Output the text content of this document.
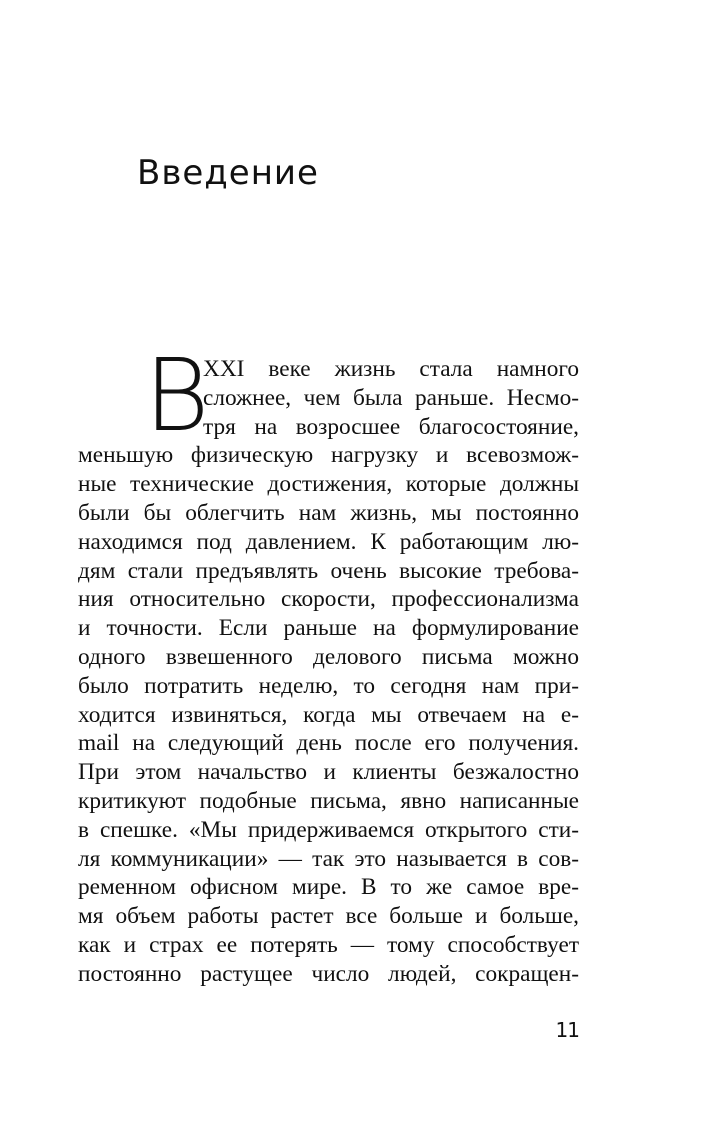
Введение
В
XXI веке жизнь стала намного
сложнее, чем была раньше. Несмо-
тря на возросшее благосостояние,
меньшую физическую нагрузку и всевозмож-
ные технические достижения, которые должны
были бы облегчить нам жизнь, мы постоянно
находимся под давлением. К работающим лю-
дям стали предъявлять очень высокие требова-
ния относительно скорости, профессионализма
и точности. Если раньше на формулирование
одного взвешенного делового письма можно
было потратить неделю, то сегодня нам при-
ходится извиняться, когда мы отвечаем на e-
mail на следующий день после его получения.
При этом начальство и клиенты безжалостно
критикуют подобные письма, явно написанные
в спешке. «Мы придерживаемся открытого сти-
ля коммуникации» — так это называется в сов-
ременном офисном мире. В то же самое вре-
мя объем работы растет все больше и больше,
как и страх ее потерять — тому способствует
постоянно растущее число людей, сокращен-
11
